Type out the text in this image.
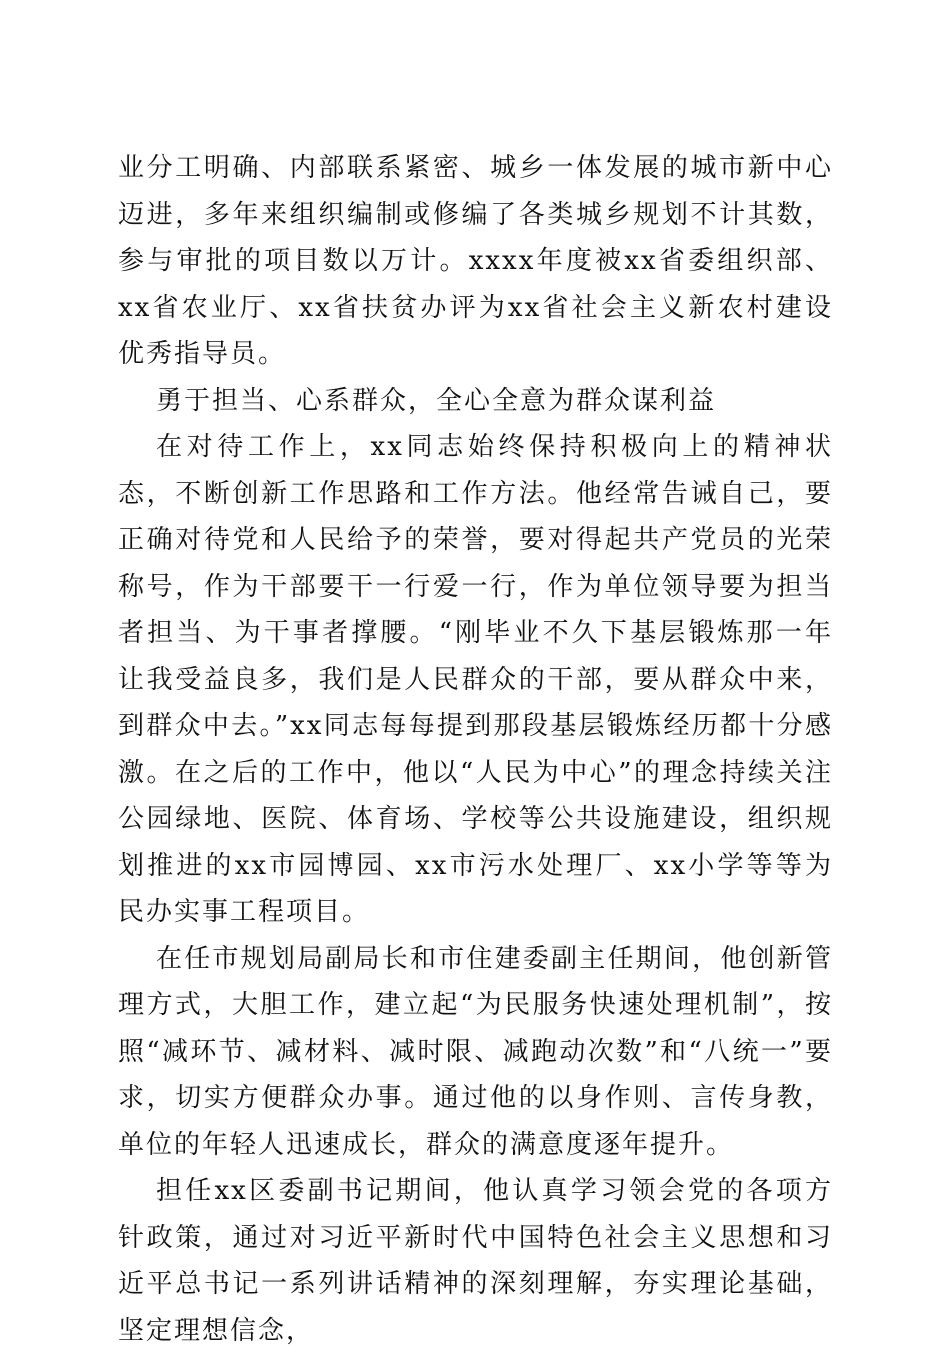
业分工明确、内部联系紧密、城乡一体发展的城市新中心迈进，多年来组织编制或修编了各类城乡规划不计其数，参与审批的项目数以万计。xxxx年度被xx省委组织部、xx省农业厅、xx省扶贫办评为xx省社会主义新农村建设优秀指导员。

勇于担当、心系群众，全心全意为群众谋利益

在对待工作上，xx同志始终保持积极向上的精神状态，不断创新工作思路和工作方法。他经常告诫自己，要正确对待党和人民给予的荣誉，要对得起共产党员的光荣称号，作为干部要干一行爱一行，作为单位领导要为担当者担当、为干事者撑腰。“刚毕业不久下基层锻炼那一年让我受益良多，我们是人民群众的干部，要从群众中来，到群众中去。”xx同志每每提到那段基层锻炼经历都十分感激。在之后的工作中，他以“人民为中心”的理念持续关注公园绿地、医院、体育场、学校等公共设施建设，组织规划推进的xx市园博园、xx市污水处理厂、xx小学等等为民办实事工程项目。

在任市规划局副局长和市住建委副主任期间，他创新管理方式，大胆工作，建立起“为民服务快速处理机制”，按照“减环节、减材料、减时限、减跑动次数”和“八统一”要求，切实方便群众办事。通过他的以身作则、言传身教，单位的年轻人迅速成长，群众的满意度逐年提升。

担任xx区委副书记期间，他认真学习领会党的各项方针政策，通过对习近平新时代中国特色社会主义思想和习近平总书记一系列讲话精神的深刻理解，夯实理论基础，坚定理想信念，
